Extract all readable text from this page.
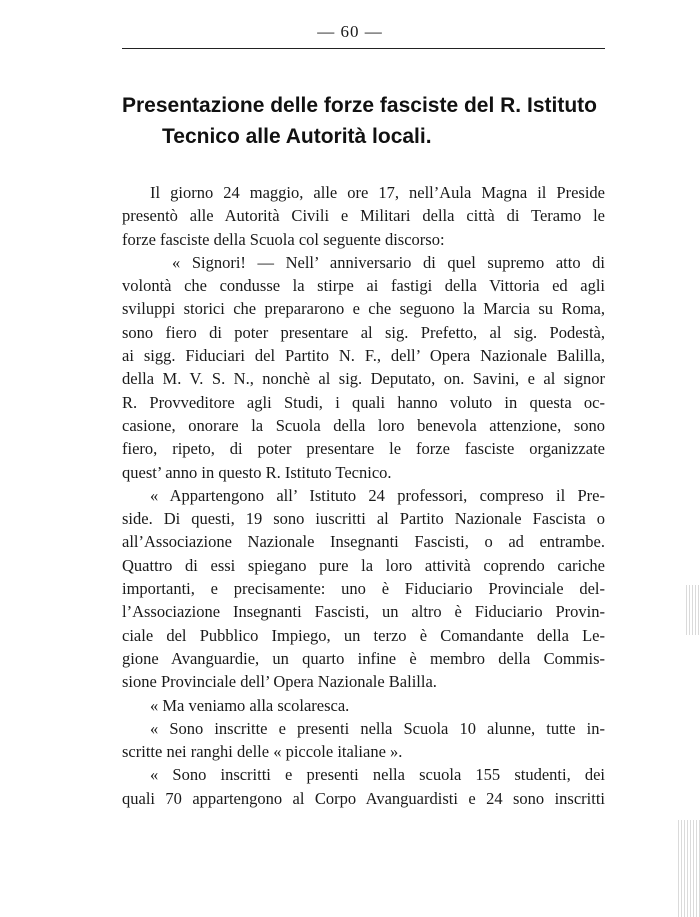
— 60 —
Presentazione delle forze fasciste del R. Istituto
Tecnico alle Autorità locali.
Il giorno 24 maggio, alle ore 17, nell’Aula Magna il Preside
presentò alle Autorità Civili e Militari della città di Teramo le
forze fasciste della Scuola col seguente discorso:
« Signori! — Nell’ anniversario di quel supremo atto di
volontà che condusse la stirpe ai fastigi della Vittoria ed agli
sviluppi storici che prepararono e che seguono la Marcia su Roma,
sono fiero di poter presentare al sig. Prefetto, al sig. Podestà,
ai sigg. Fiduciari del Partito N. F., dell’ Opera Nazionale Balilla,
della M. V. S. N., nonchè al sig. Deputato, on. Savini, e al signor
R. Provveditore agli Studi, i quali hanno voluto in questa oc-
casione, onorare la Scuola della loro benevola attenzione, sono
fiero, ripeto, di poter presentare le forze fasciste organizzate
quest’ anno in questo R. Istituto Tecnico.
« Appartengono all’ Istituto 24 professori, compreso il Pre-
side. Di questi, 19 sono iuscritti al Partito Nazionale Fascista o
all’Associazione Nazionale Insegnanti Fascisti, o ad entrambe.
Quattro di essi spiegano pure la loro attività coprendo cariche
importanti, e precisamente: uno è Fiduciario Provinciale del-
l’Associazione Insegnanti Fascisti, un altro è Fiduciario Provin-
ciale del Pubblico Impiego, un terzo è Comandante della Le-
gione Avanguardie, un quarto infine è membro della Commis-
sione Provinciale dell’ Opera Nazionale Balilla.
« Ma veniamo alla scolaresca.
« Sono inscritte e presenti nella Scuola 10 alunne, tutte in-
scritte nei ranghi delle « piccole italiane ».
« Sono inscritti e presenti nella scuola 155 studenti, dei
quali 70 appartengono al Corpo Avanguardisti e 24 sono inscritti
